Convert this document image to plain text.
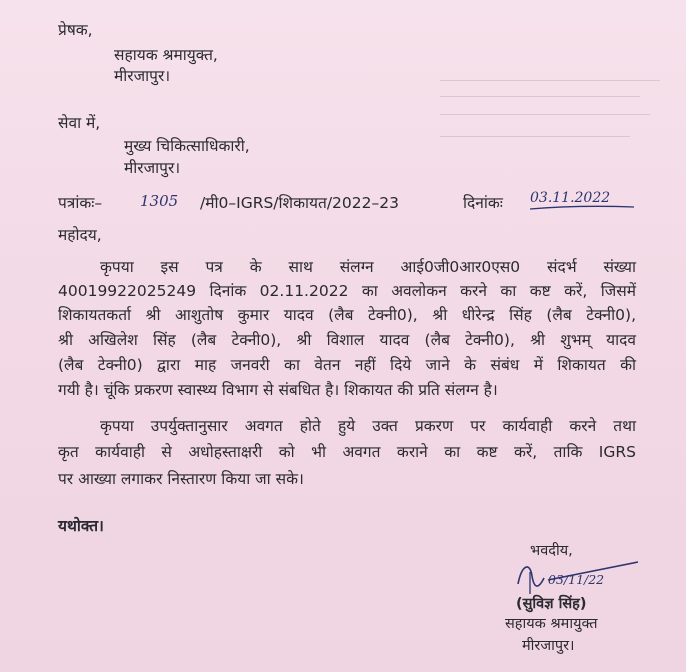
प्रेषक,
सहायक श्रमायुक्त,
मीरजापुर।
सेवा में,
मुख्य चिकित्साधिकारी,
मीरजापुर।
पत्रांकः–	1305 /मी0–IGRS/शिकायत/2022–23	दिनांकः 03.11.2022
महोदय,
कृपया इस पत्र के साथ संलग्न आई0जी0आर0एस0 संदर्भ संख्या
40019922025249 दिनांक 02.11.2022 का अवलोकन करने का कष्ट करें, जिसमें
शिकायतकर्ता श्री आशुतोष कुमार यादव (लैब टेक्नी0), श्री धीरेन्द्र सिंह (लैब टेक्नी0),
श्री अखिलेश सिंह (लैब टेक्नी0), श्री विशाल यादव (लैब टेक्नी0), श्री शुभम् यादव
(लैब टेक्नी0) द्वारा माह जनवरी का वेतन नहीं दिये जाने के संबंध में शिकायत की
गयी है। चूंकि प्रकरण स्वास्थ्य विभाग से संबधित है। शिकायत की प्रति संलग्न है।
कृपया उपर्युक्तानुसार अवगत होते हुये उक्त प्रकरण पर कार्यवाही करने तथा
कृत कार्यवाही से अधोहस्ताक्षरी को भी अवगत कराने का कष्ट करें, ताकि IGRS
पर आख्या लगाकर निस्तारण किया जा सके।
यथोक्त।
भवदीय,
03/11/22
(सुविज्ञ सिंह)
सहायक श्रमायुक्त
मीरजापुर।
